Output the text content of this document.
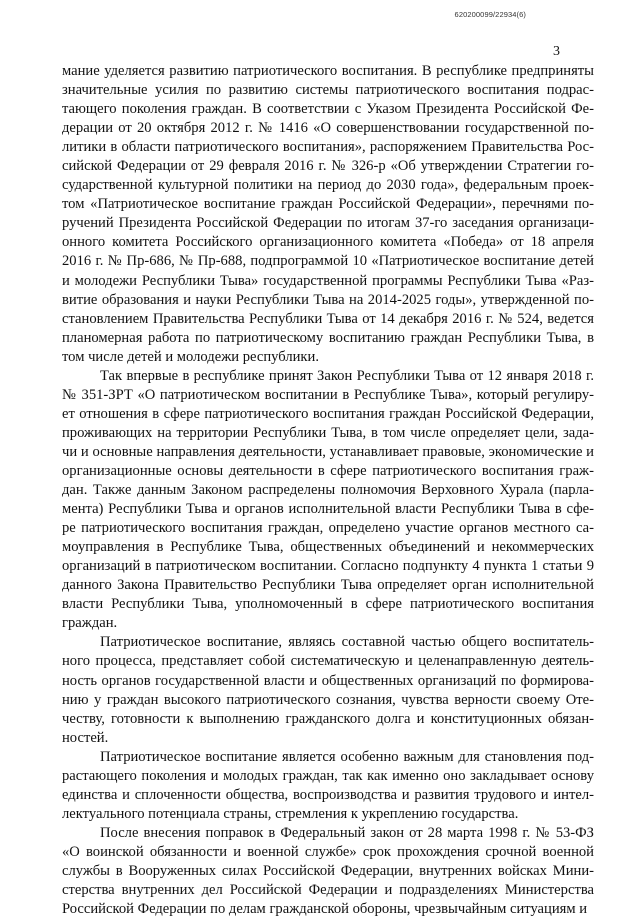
620200099/22934(6)
3
мание уделяется развитию патриотического воспитания. В республике предприняты
значительные усилия по развитию системы патриотического воспитания подрас-
тающего поколения граждан. В соответствии с Указом Президента Российской Фе-
дерации от 20 октября 2012 г. № 1416 «О совершенствовании государственной по-
литики в области патриотического воспитания», распоряжением Правительства Рос-
сийской Федерации от 29 февраля 2016 г. № 326-р «Об утверждении Стратегии го-
сударственной культурной политики на период до 2030 года», федеральным проек-
том «Патриотическое воспитание граждан Российской Федерации», перечнями по-
ручений Президента Российской Федерации по итогам 37-го заседания организаци-
онного комитета Российского организационного комитета «Победа» от 18 апреля
2016 г. № Пр-686, № Пр-688, подпрограммой 10 «Патриотическое воспитание детей
и молодежи Республики Тыва» государственной программы Республики Тыва «Раз-
витие образования и науки Республики Тыва на 2014-2025 годы», утвержденной по-
становлением Правительства Республики Тыва от 14 декабря 2016 г. № 524, ведется
планомерная работа по патриотическому воспитанию граждан Республики Тыва, в
том числе детей и молодежи республики.
Так впервые в республике принят Закон Республики Тыва от 12 января 2018 г.
№ 351-ЗРТ «О патриотическом воспитании в Республике Тыва», который регулиру-
ет отношения в сфере патриотического воспитания граждан Российской Федерации,
проживающих на территории Республики Тыва, в том числе определяет цели, зада-
чи и основные направления деятельности, устанавливает правовые, экономические и
организационные основы деятельности в сфере патриотического воспитания граж-
дан. Также данным Законом распределены полномочия Верховного Хурала (парла-
мента) Республики Тыва и органов исполнительной власти Республики Тыва в сфе-
ре патриотического воспитания граждан, определено участие органов местного са-
моуправления в Республике Тыва, общественных объединений и некоммерческих
организаций в патриотическом воспитании. Согласно подпункту 4 пункта 1 статьи 9
данного Закона Правительство Республики Тыва определяет орган исполнительной
власти Республики Тыва, уполномоченный в сфере патриотического воспитания
граждан.
Патриотическое воспитание, являясь составной частью общего воспитатель-
ного процесса, представляет собой систематическую и целенаправленную деятель-
ность органов государственной власти и общественных организаций по формирова-
нию у граждан высокого патриотического сознания, чувства верности своему Оте-
честву, готовности к выполнению гражданского долга и конституционных обязан-
ностей.
Патриотическое воспитание является особенно важным для становления под-
растающего поколения и молодых граждан, так как именно оно закладывает основу
единства и сплоченности общества, воспроизводства и развития трудового и интел-
лектуального потенциала страны, стремления к укреплению государства.
После внесения поправок в Федеральный закон от 28 марта 1998 г. № 53-ФЗ
«О воинской обязанности и военной службе» срок прохождения срочной военной
службы в Вооруженных силах Российской Федерации, внутренних войсках Мини-
стерства внутренних дел Российской Федерации и подразделениях Министерства
Российской Федерации по делам гражданской обороны, чрезвычайным ситуациям и
